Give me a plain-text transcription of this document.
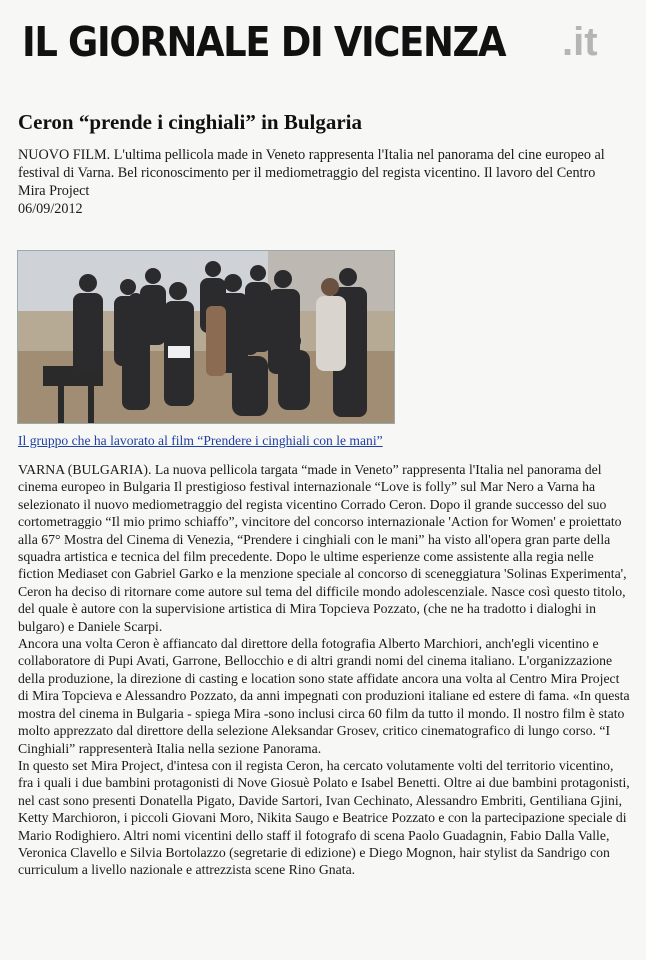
IL GIORNALE DI VICENZA .it
Ceron “prende i cinghiali” in Bulgaria

NUOVO FILM. L'ultima pellicola made in Veneto rappresenta l'Italia nel panorama del cine europeo al festival di Varna. Bel riconoscimento per il mediometraggio del regista vicentino. Il lavoro del Centro Mira Project

06/09/2012
Il gruppo che ha lavorato al film “Prendere i cinghiali con le mani”

VARNA (BULGARIA). La nuova pellicola targata “made in Veneto” rappresenta l'Italia nel panorama del cinema europeo in Bulgaria Il prestigioso festival internazionale “Love is folly” sul Mar Nero a Varna ha selezionato il nuovo mediometraggio del regista vicentino Corrado Ceron. Dopo il grande successo del suo cortometraggio “Il mio primo schiaffo”, vincitore del concorso internazionale 'Action for Women' e proiettato alla 67° Mostra del Cinema di Venezia, “Prendere i cinghiali con le mani” ha visto all'opera gran parte della squadra artistica e tecnica del film precedente. Dopo le ultime esperienze come assistente alla regia nelle fiction Mediaset con Gabriel Garko e la menzione speciale al concorso di sceneggiatura 'Solinas Experimenta', Ceron ha deciso di ritornare come autore sul tema del difficile mondo adolescenziale. Nasce così questo titolo, del quale è autore con la supervisione artistica di Mira Topcieva Pozzato, (che ne ha tradotto i dialoghi in bulgaro) e Daniele Scarpi.

Ancora una volta Ceron è affiancato dal direttore della fotografia Alberto Marchiori, anch'egli vicentino e collaboratore di Pupi Avati, Garrone, Bellocchio e di altri grandi nomi del cinema italiano. L'organizzazione della produzione, la direzione di casting e location sono state affidate ancora una volta al Centro Mira Project di Mira Topcieva e Alessandro Pozzato, da anni impegnati con produzioni italiane ed estere di fama. «In questa mostra del cinema in Bulgaria - spiega Mira -sono inclusi circa 60 film da tutto il mondo. Il nostro film è stato molto apprezzato dal direttore della selezione Aleksandar Grosev, critico cinematografico di lungo corso. “I Cinghiali” rappresenterà Italia nella sezione Panorama.

In questo set Mira Project, d'intesa con il regista Ceron, ha cercato volutamente volti del territorio vicentino, fra i quali i due bambini protagonisti di Nove Giosuè Polato e Isabel Benetti. Oltre ai due bambini protagonisti, nel cast sono presenti Donatella Pigato, Davide Sartori, Ivan Cechinato, Alessandro Embriti, Gentiliana Gjini, Ketty Marchioron, i piccoli Giovani Moro, Nikita Saugo e Beatrice Pozzato e con la partecipazione speciale di Mario Rodighiero. Altri nomi vicentini dello staff il fotografo di scena Paolo Guadagnin, Fabio Dalla Valle, Veronica Clavello e Silvia Bortolazzo (segretarie di edizione) e Diego Mognon, hair stylist da Sandrigo con curriculum a livello nazionale e attrezzista scene Rino Gnata.
